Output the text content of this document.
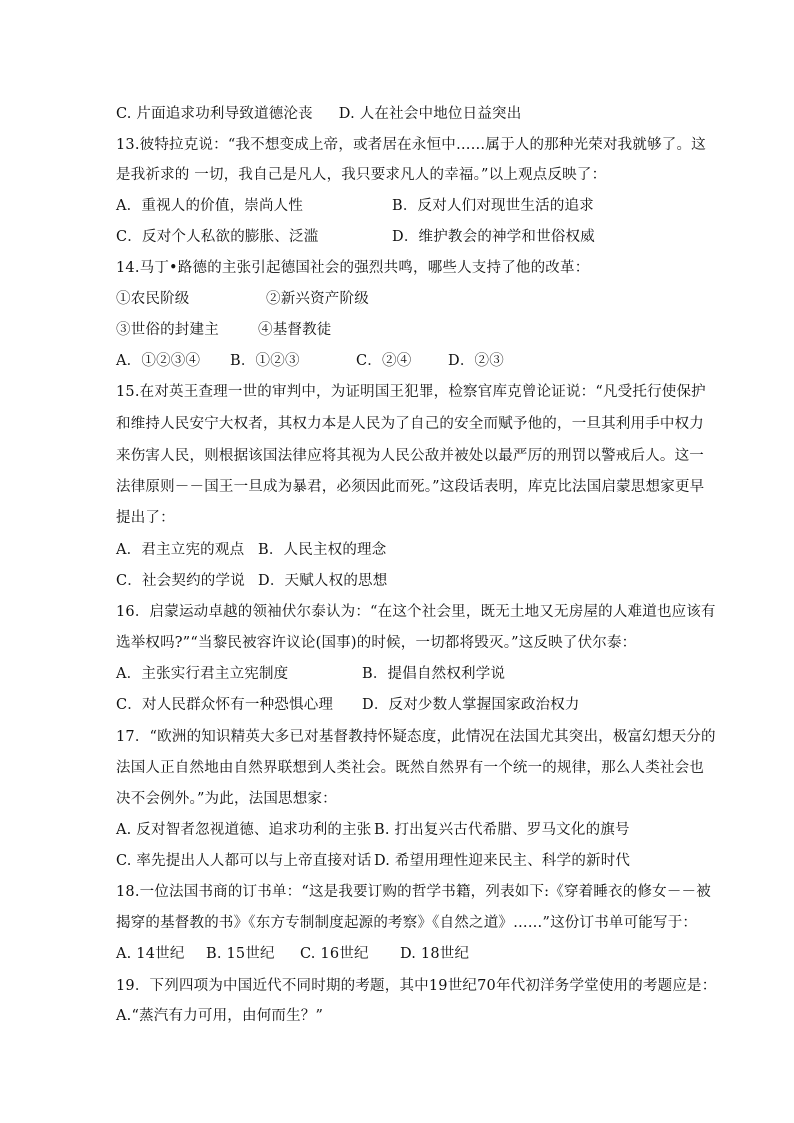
C. 片面追求功利导致道德沦丧 D. 人在社会中地位日益突出
13.彼特拉克说：“我不想变成上帝，或者居在永恒中……属于人的那种光荣对我就够了。这
是我祈求的 一切，我自己是凡人，我只要求凡人的幸福。”以上观点反映了：
A．重视人的价值，崇尚人性	B．反对人们对现世生活的追求
C．反对个人私欲的膨胀、泛滥	D．维护教会的神学和世俗权威
14.马丁•路德的主张引起德国社会的强烈共鸣，哪些人支持了他的改革：
①农民阶级	②新兴资产阶级
③世俗的封建主	④基督教徒
A．①②③④ B．①②③	C．②④	D．②③
15.在对英王查理一世的审判中，为证明国王犯罪，检察官库克曾论证说：“凡受托行使保护
和维持人民安宁大权者，其权力本是人民为了自己的安全而赋予他的，一旦其利用手中权力
来伤害人民，则根据该国法律应将其视为人民公敌并被处以最严厉的刑罚以警戒后人。这一
法律原则－－国王一旦成为暴君，必须因此而死。”这段话表明，库克比法国启蒙思想家更早
提出了：
A．君主立宪的观点 B．人民主权的理念
C．社会契约的学说 D．天赋人权的思想
16．启蒙运动卓越的领袖伏尔泰认为：“在这个社会里，既无土地又无房屋的人难道也应该有
选举权吗?”“当黎民被容许议论(国事)的时候，一切都将毁灭。”这反映了伏尔泰：
A．主张实行君主立宪制度	B．提倡自然权利学说
C．对人民群众怀有一种恐惧心理 D．反对少数人掌握国家政治权力
17．“欧洲的知识精英大多已对基督教持怀疑态度，此情况在法国尤其突出，极富幻想天分的
法国人正自然地由自然界联想到人类社会。既然自然界有一个统一的规律，那么人类社会也
决不会例外。”为此，法国思想家：
A. 反对智者忽视道德、追求功利的主张 B. 打出复兴古代希腊、罗马文化的旗号
C. 率先提出人人都可以与上帝直接对话 D. 希望用理性迎来民主、科学的新时代
18.一位法国书商的订书单：“这是我要订购的哲学书籍，列表如下:《穿着睡衣的修女－－被
揭穿的基督教的书》《东方专制制度起源的考察》《自然之道》……”这份订书单可能写于：
A. 14世纪 B. 15世纪 C. 16世纪 D. 18世纪
19．下列四项为中国近代不同时期的考题，其中19世纪70年代初洋务学堂使用的考题应是：
A.“蒸汽有力可用，由何而生？”
